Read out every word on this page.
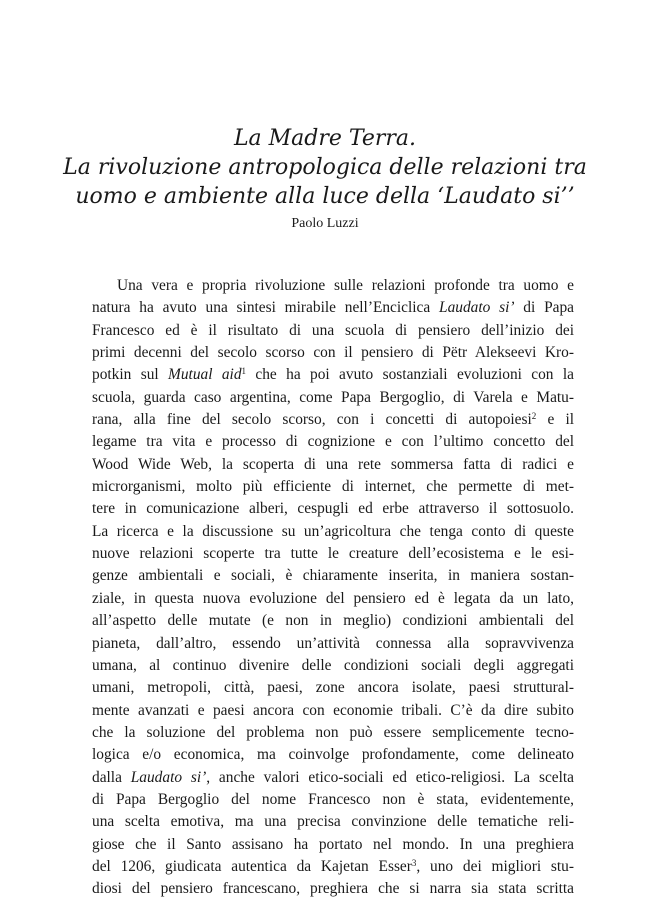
La Madre Terra.
La rivoluzione antropologica delle relazioni tra
uomo e ambiente alla luce della ‘Laudato si’’

Paolo Luzzi

Una vera e propria rivoluzione sulle relazioni profonde tra uomo e
natura ha avuto una sintesi mirabile nell’Enciclica Laudato si’ di Papa
Francesco ed è il risultato di una scuola di pensiero dell’inizio dei
primi decenni del secolo scorso con il pensiero di Pëtr Alekseevi Kro-
potkin sul Mutual aid$^1$ che ha poi avuto sostanziali evoluzioni con la
scuola, guarda caso argentina, come Papa Bergoglio, di Varela e Matu-
rana, alla fine del secolo scorso, con i concetti di autopoiesi$^2$ e il
legame tra vita e processo di cognizione e con l’ultimo concetto del
Wood Wide Web, la scoperta di una rete sommersa fatta di radici e
microrganismi, molto più efficiente di internet, che permette di met-
tere in comunicazione alberi, cespugli ed erbe attraverso il sottosuolo.
La ricerca e la discussione su un’agricoltura che tenga conto di queste
nuove relazioni scoperte tra tutte le creature dell’ecosistema e le esi-
genze ambientali e sociali, è chiaramente inserita, in maniera sostan-
ziale, in questa nuova evoluzione del pensiero ed è legata da un lato,
all’aspetto delle mutate (e non in meglio) condizioni ambientali del
pianeta, dall’altro, essendo un’attività connessa alla sopravvivenza
umana, al continuo divenire delle condizioni sociali degli aggregati
umani, metropoli, città, paesi, zone ancora isolate, paesi struttural-
mente avanzati e paesi ancora con economie tribali. C’è da dire subito
che la soluzione del problema non può essere semplicemente tecno-
logica e/o economica, ma coinvolge profondamente, come delineato
dalla Laudato si’, anche valori etico-sociali ed etico-religiosi. La scelta
di Papa Bergoglio del nome Francesco non è stata, evidentemente,
una scelta emotiva, ma una precisa convinzione delle tematiche reli-
giose che il Santo assisano ha portato nel mondo. In una preghiera
del 1206, giudicata autentica da Kajetan Esser$^3$, uno dei migliori stu-
diosi del pensiero francescano, preghiera che si narra sia stata scritta
